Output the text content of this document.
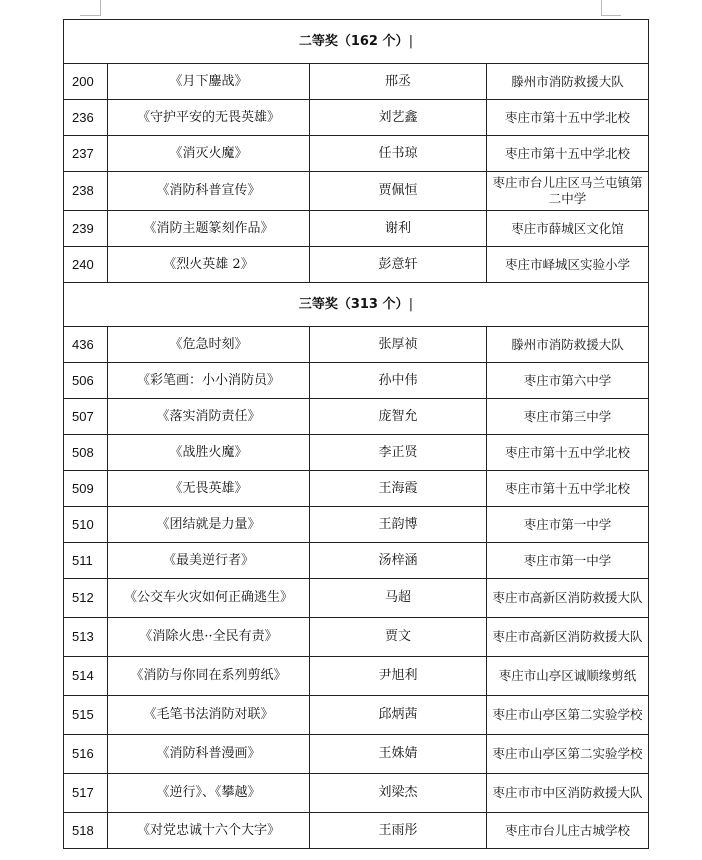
二等奖（162 个）|			
200	《月下鏖战》	邢丞	滕州市消防救援大队
236	《守护平安的无畏英雄》	刘艺鑫	枣庄市第十五中学北校
237	《消灭火魔》	任书琼	枣庄市第十五中学北校
238	《消防科普宣传》	贾佩恒	枣庄市台儿庄区马兰屯镇第二中学
239	《消防主题篆刻作品》	谢利	枣庄市薛城区文化馆
240	《烈火英雄 2》	彭意轩	枣庄市峄城区实验小学
三等奖（313 个）|			
436	《危急时刻》	张厚祯	滕州市消防救援大队
506	《彩笔画：小小消防员》	孙中伟	枣庄市第六中学
507	《落实消防责任》	庞智允	枣庄市第三中学
508	《战胜火魔》	李正贤	枣庄市第十五中学北校
509	《无畏英雄》	王海霞	枣庄市第十五中学北校
510	《团结就是力量》	王韵博	枣庄市第一中学
511	《最美逆行者》	汤梓涵	枣庄市第一中学
512	《公交车火灾如何正确逃生》	马超	枣庄市高新区消防救援大队
513	《消除火患··全民有责》	贾文	枣庄市高新区消防救援大队
514	《消防与你同在系列剪纸》	尹旭利	枣庄市山亭区诚顺缘剪纸
515	《毛笔书法消防对联》	邱炳茜	枣庄市山亭区第二实验学校
516	《消防科普漫画》	王姝婧	枣庄市山亭区第二实验学校
517	《逆行》、《攀越》	刘梁杰	枣庄市市中区消防救援大队
518	《对党忠诚十六个大字》	王雨彤	枣庄市台儿庄古城学校
